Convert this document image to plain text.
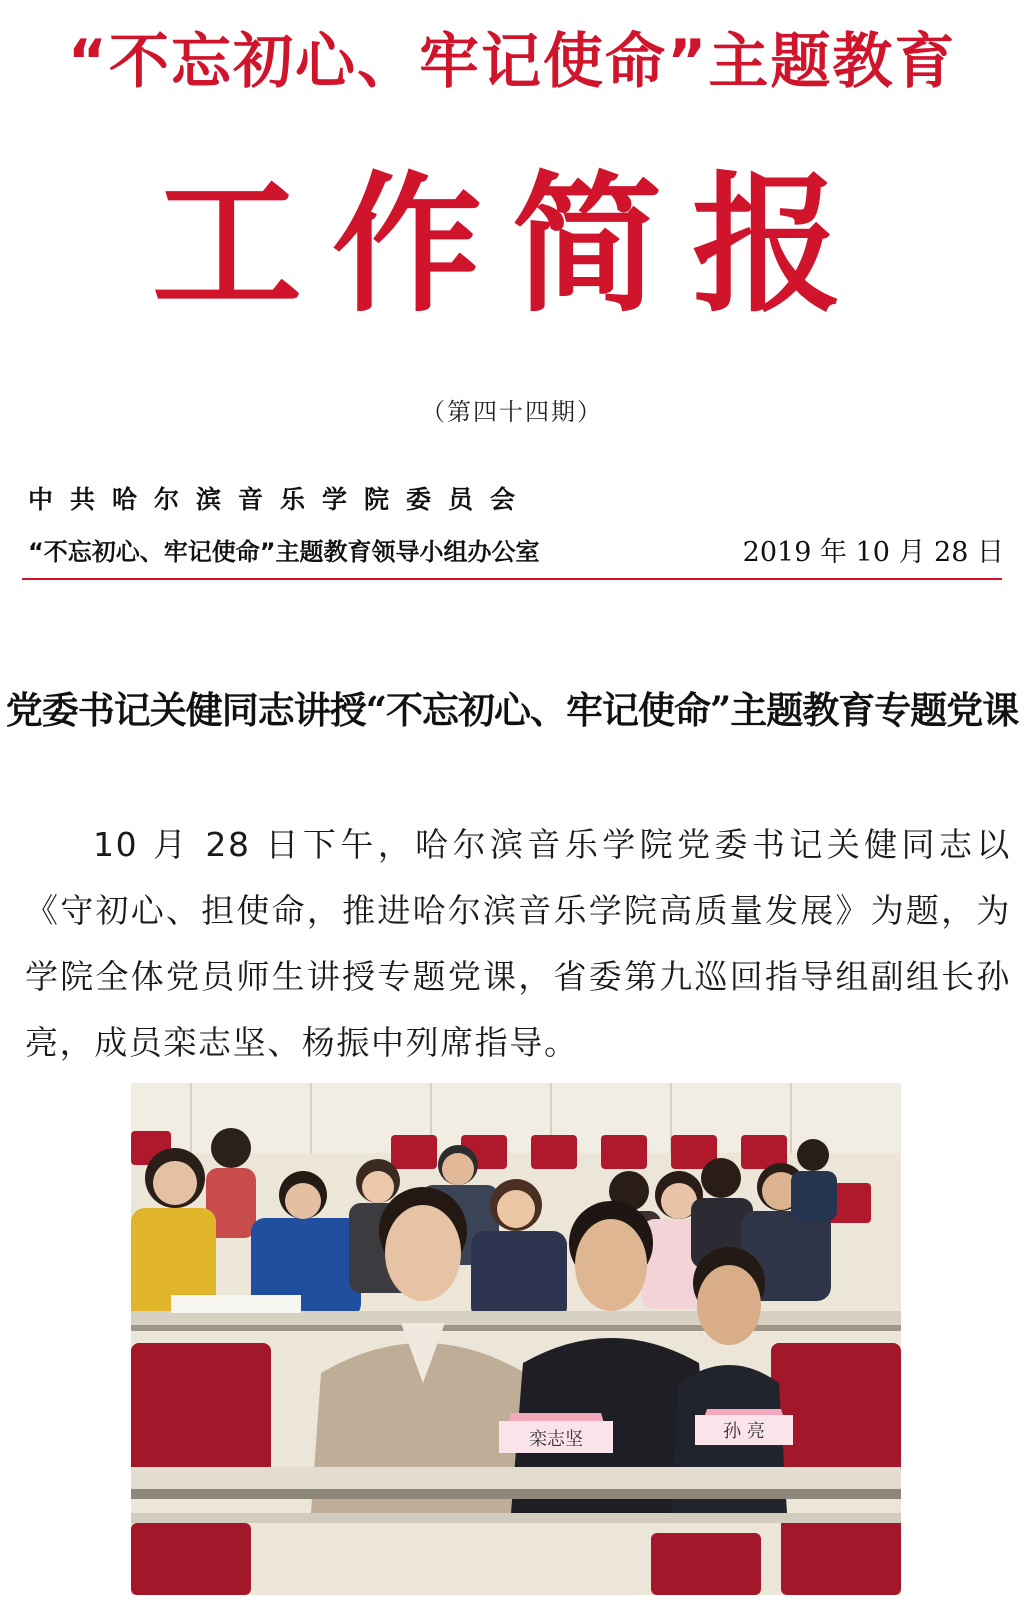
“不忘初心、牢记使命”主题教育
工作简报
（第四十四期）
中共哈尔滨音乐学院委员会
“不忘初心、牢记使命”主题教育领导小组办公室	2019 年 10 月 28 日
党委书记关健同志讲授“不忘初心、牢记使命”主题教育专题党课

10 月 28 日下午，哈尔滨音乐学院党委书记关健同志以《守初心、担使命，推进哈尔滨音乐学院高质量发展》为题，为学院全体党员师生讲授专题党课，省委第九巡回指导组副组长孙亮，成员栾志坚、杨振中列席指导。

栾志坚	孙 亮
